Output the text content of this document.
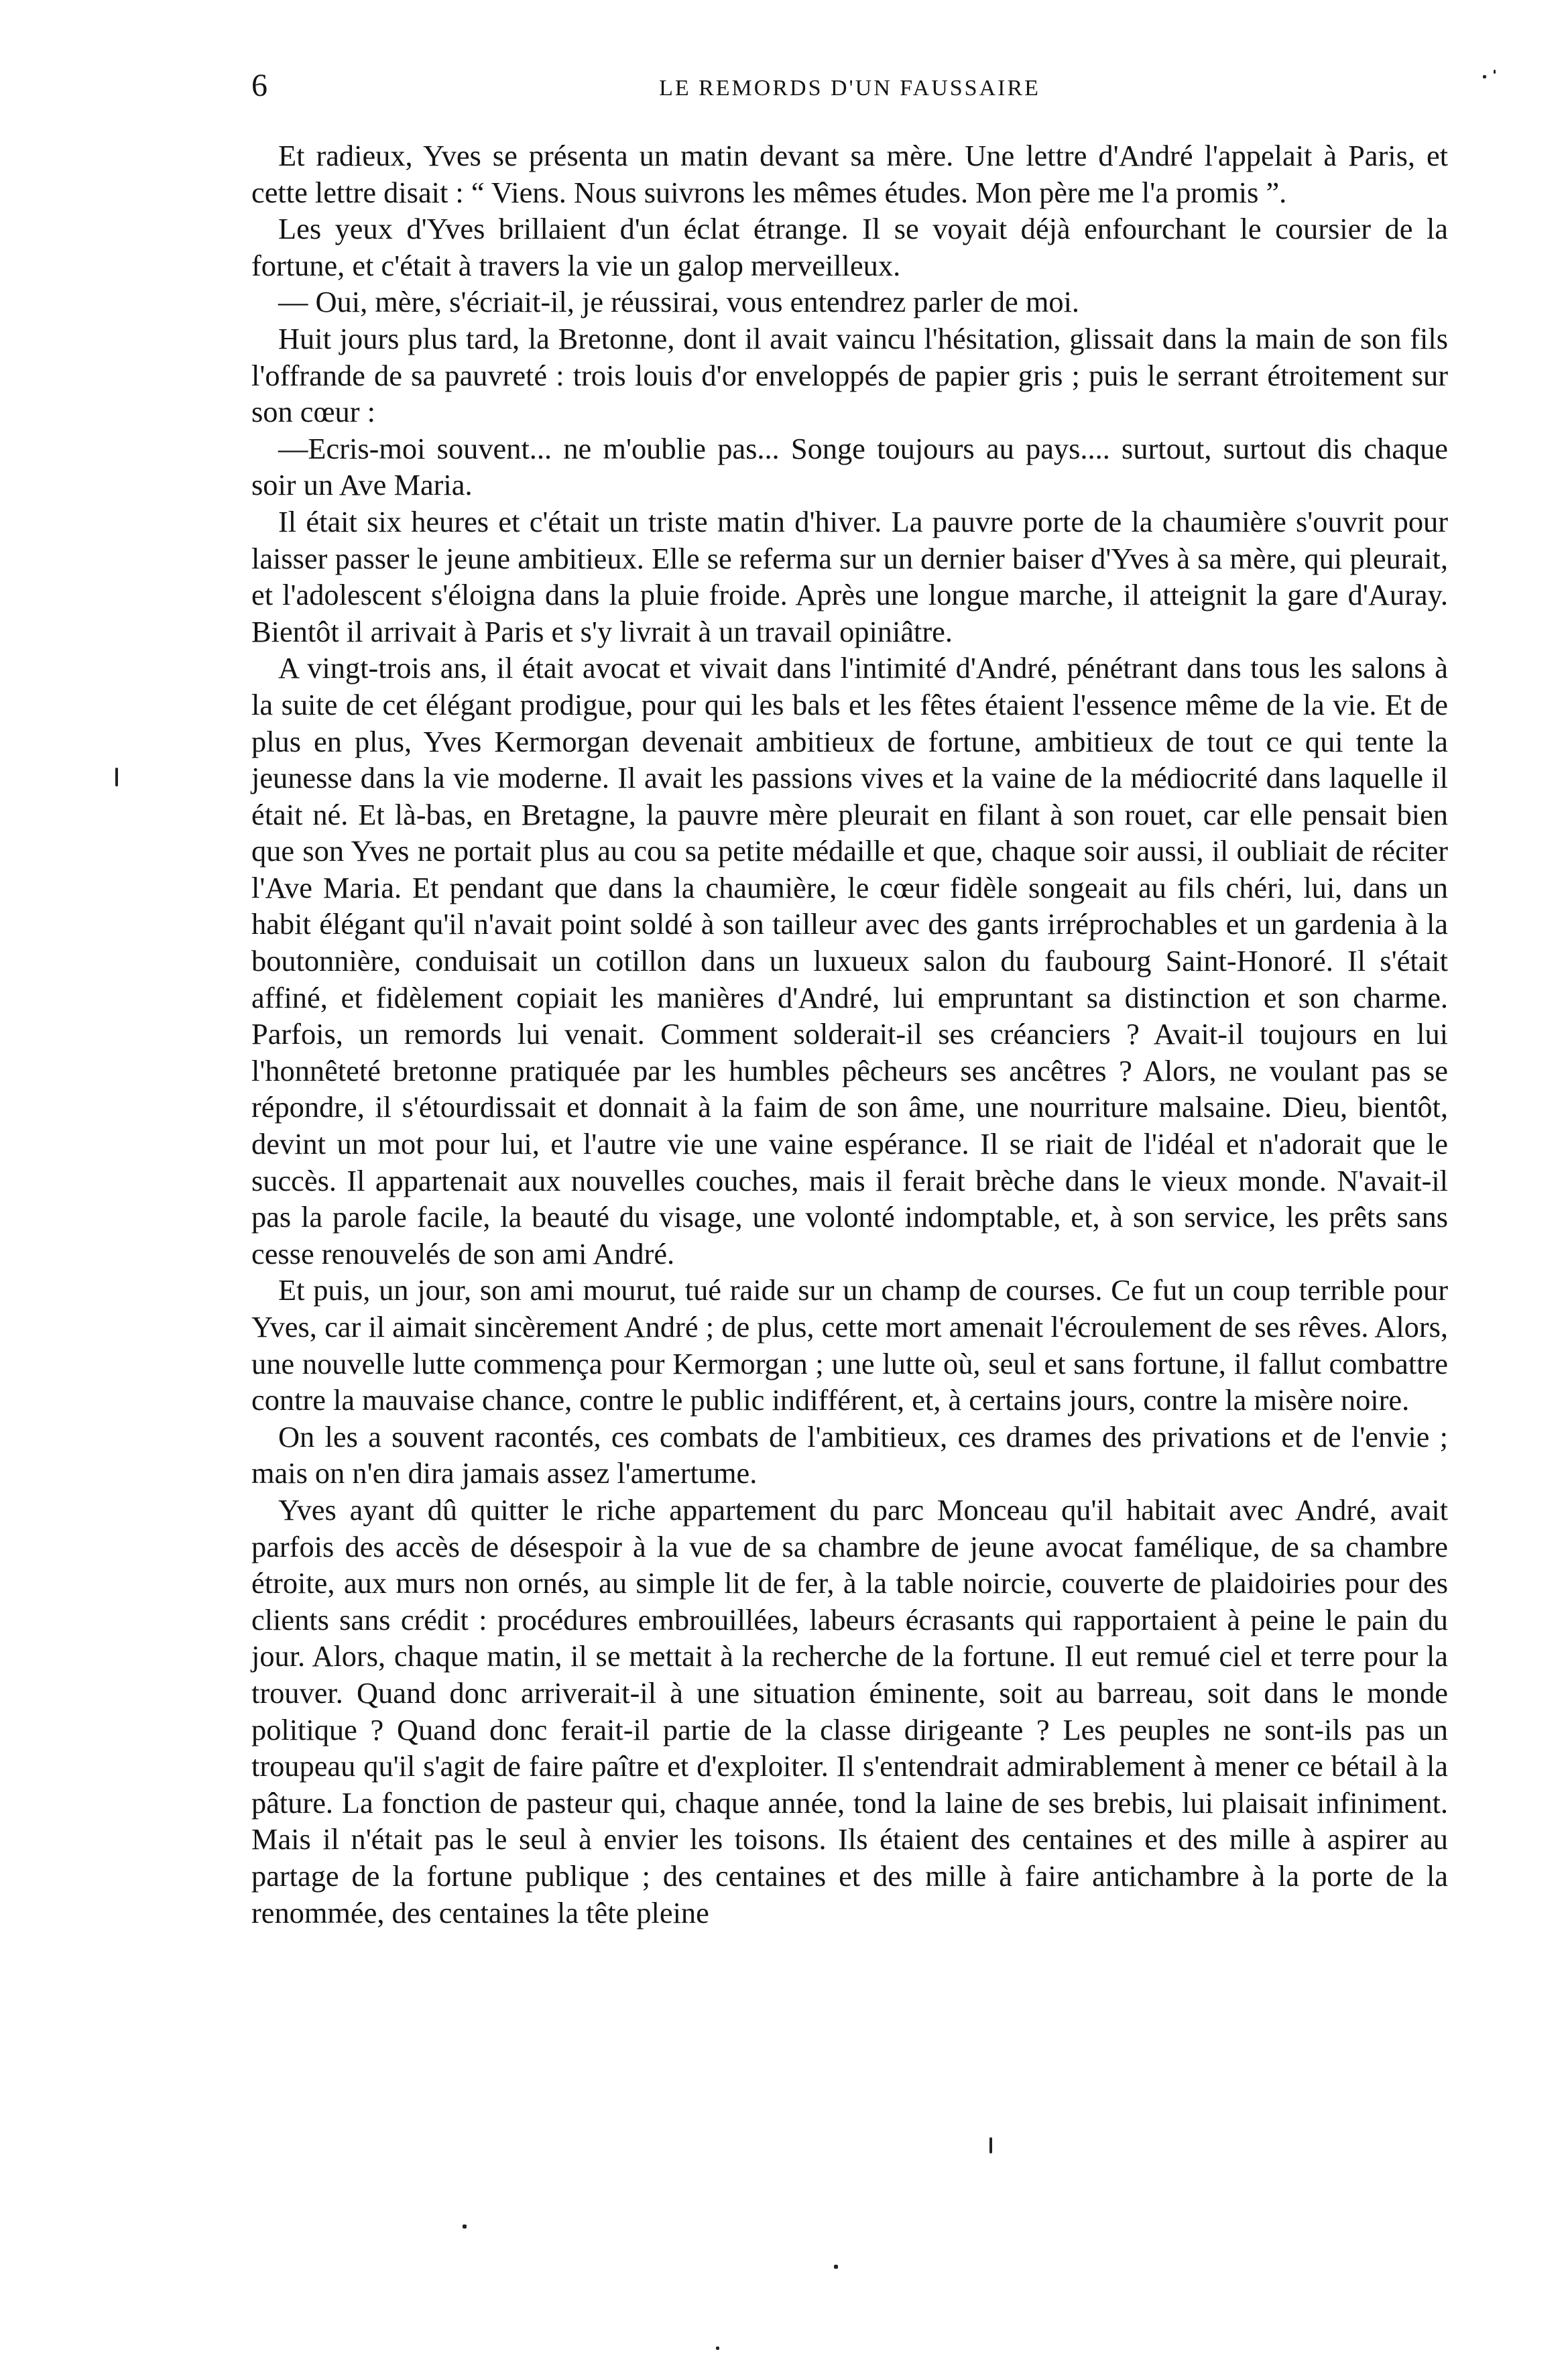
6	LE REMORDS D'UN FAUSSAIRE

Et radieux, Yves se présenta un matin devant sa mère. Une lettre d'André l'appelait à Paris, et cette lettre disait : “ Viens. Nous suivrons les mêmes études. Mon père me l'a promis ”.

Les yeux d'Yves brillaient d'un éclat étrange. Il se voyait déjà enfourchant le coursier de la fortune, et c'était à travers la vie un galop merveilleux.

— Oui, mère, s'écriait-il, je réussirai, vous entendrez parler de moi.

Huit jours plus tard, la Bretonne, dont il avait vaincu l'hésitation, glissait dans la main de son fils l'offrande de sa pauvreté : trois louis d'or enveloppés de papier gris ; puis le serrant étroitement sur son cœur :

—Ecris-moi souvent... ne m'oublie pas... Songe toujours au pays.... surtout, surtout dis chaque soir un Ave Maria.

Il était six heures et c'était un triste matin d'hiver. La pauvre porte de la chaumière s'ouvrit pour laisser passer le jeune ambitieux. Elle se referma sur un dernier baiser d'Yves à sa mère, qui pleurait, et l'adolescent s'éloigna dans la pluie froide. Après une longue marche, il atteignit la gare d'Auray. Bientôt il arrivait à Paris et s'y livrait à un travail opiniâtre.

A vingt-trois ans, il était avocat et vivait dans l'intimité d'André, pénétrant dans tous les salons à la suite de cet élégant prodigue, pour qui les bals et les fêtes étaient l'essence même de la vie. Et de plus en plus, Yves Kermorgan devenait ambitieux de fortune, ambitieux de tout ce qui tente la jeunesse dans la vie moderne. Il avait les passions vives et la vaine de la médiocrité dans laquelle il était né. Et là-bas, en Bretagne, la pauvre mère pleurait en filant à son rouet, car elle pensait bien que son Yves ne portait plus au cou sa petite médaille et que, chaque soir aussi, il oubliait de réciter l'Ave Maria. Et pendant que dans la chaumière, le cœur fidèle songeait au fils chéri, lui, dans un habit élégant qu'il n'avait point soldé à son tailleur avec des gants irréprochables et un gardenia à la boutonnière, conduisait un cotillon dans un luxueux salon du faubourg Saint-Honoré. Il s'était affiné, et fidèlement copiait les manières d'André, lui empruntant sa distinction et son charme. Parfois, un remords lui venait. Comment solderait-il ses créanciers ? Avait-il toujours en lui l'honnêteté bretonne pratiquée par les humbles pêcheurs ses ancêtres ? Alors, ne voulant pas se répondre, il s'étourdissait et donnait à la faim de son âme, une nourriture malsaine. Dieu, bientôt, devint un mot pour lui, et l'autre vie une vaine espérance. Il se riait de l'idéal et n'adorait que le succès. Il appartenait aux nouvelles couches, mais il ferait brèche dans le vieux monde. N'avait-il pas la parole facile, la beauté du visage, une volonté indomptable, et, à son service, les prêts sans cesse renouvelés de son ami André.

Et puis, un jour, son ami mourut, tué raide sur un champ de courses. Ce fut un coup terrible pour Yves, car il aimait sincèrement André ; de plus, cette mort amenait l'écroulement de ses rêves. Alors, une nouvelle lutte commença pour Kermorgan ; une lutte où, seul et sans fortune, il fallut combattre contre la mauvaise chance, contre le public indifférent, et, à certains jours, contre la misère noire.

On les a souvent racontés, ces combats de l'ambitieux, ces drames des privations et de l'envie ; mais on n'en dira jamais assez l'amertume.

Yves ayant dû quitter le riche appartement du parc Monceau qu'il habitait avec André, avait parfois des accès de désespoir à la vue de sa chambre de jeune avocat famélique, de sa chambre étroite, aux murs non ornés, au simple lit de fer, à la table noircie, couverte de plaidoiries pour des clients sans crédit : procédures embrouillées, labeurs écrasants qui rapportaient à peine le pain du jour. Alors, chaque matin, il se mettait à la recherche de la fortune. Il eut remué ciel et terre pour la trouver. Quand donc arriverait-il à une situation éminente, soit au barreau, soit dans le monde politique ? Quand donc ferait-il partie de la classe dirigeante ? Les peuples ne sont-ils pas un troupeau qu'il s'agit de faire paître et d'exploiter. Il s'entendrait admirablement à mener ce bétail à la pâture. La fonction de pasteur qui, chaque année, tond la laine de ses brebis, lui plaisait infiniment. Mais il n'était pas le seul à envier les toisons. Ils étaient des centaines et des mille à aspirer au partage de la fortune publique ; des centaines et des mille à faire antichambre à la porte de la renommée, des centaines la tête pleine
